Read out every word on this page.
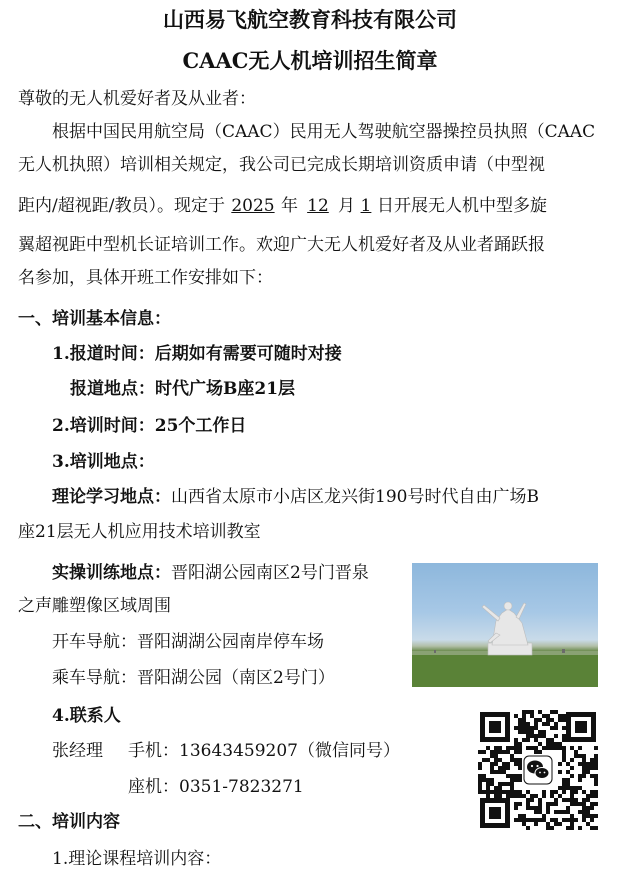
山西易飞航空教育科技有限公司
CAAC无人机培训招生简章
尊敬的无人机爱好者及从业者：
根据中国民用航空局（CAAC）民用无人驾驶航空器操控员执照（CAAC
无人机执照）培训相关规定，我公司已完成长期培训资质申请（中型视
距内/超视距/教员）。现定于 2025 年 12 月 1 日开展无人机中型多旋
翼超视距中型机长证培训工作。欢迎广大无人机爱好者及从业者踊跃报
名参加，具体开班工作安排如下：
一、培训基本信息：
1.报道时间：后期如有需要可随时对接
报道地点：时代广场B座21层
2.培训时间：25个工作日
3.培训地点：
理论学习地点：山西省太原市小店区龙兴街190号时代自由广场B
座21层无人机应用技术培训教室
实操训练地点：晋阳湖公园南区2号门晋泉
之声雕塑像区域周围
开车导航：晋阳湖湖公园南岸停车场
乘车导航：晋阳湖公园（南区2号门）
4.联系人
张经理 手机：13643459207（微信同号）
座机：0351-7823271
二、培训内容
1.理论课程培训内容：
